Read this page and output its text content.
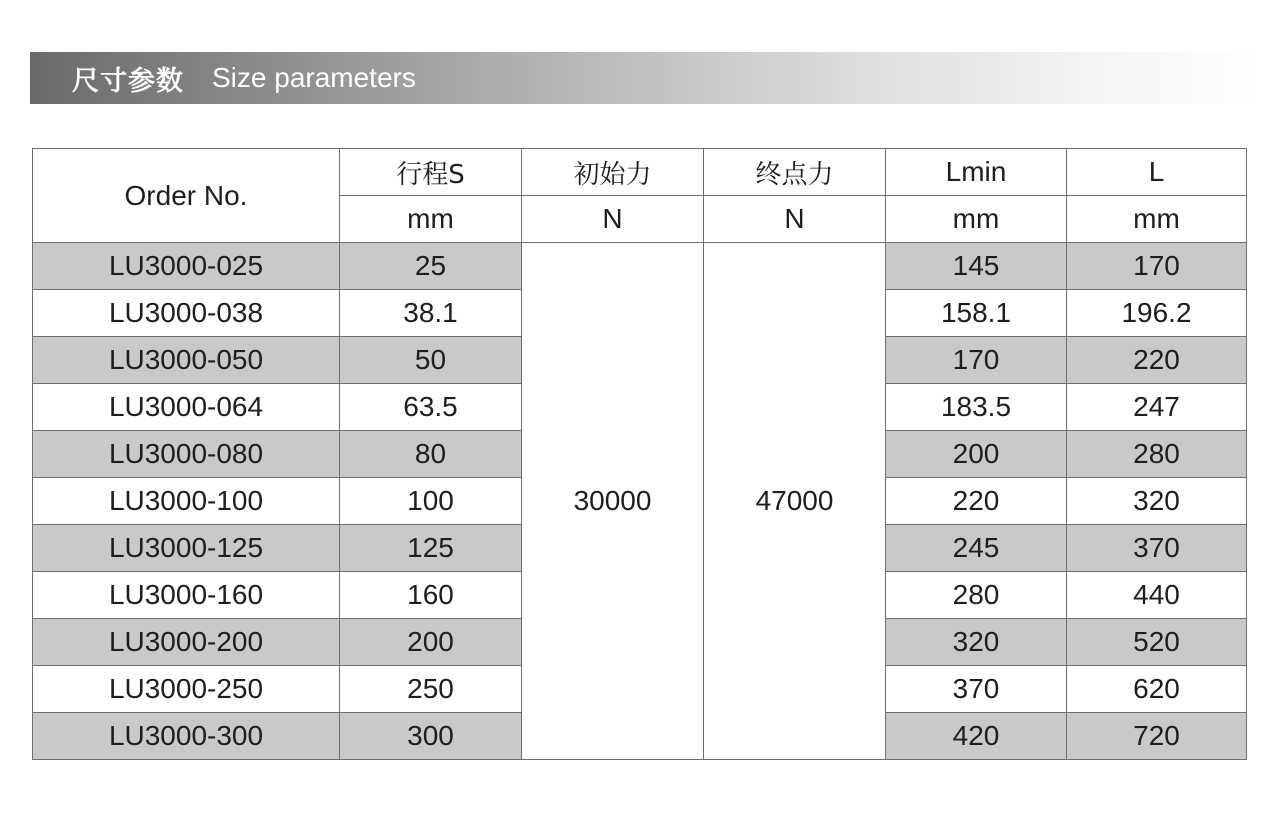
尺寸参数 Size parameters
Order No.	行程S	初始力	终点力	Lmin	L
	mm	N	N	mm	mm
LU3000-025	25	30000	47000	145	170
LU3000-038	38.1			158.1	196.2
LU3000-050	50			170	220
LU3000-064	63.5			183.5	247
LU3000-080	80			200	280
LU3000-100	100			220	320
LU3000-125	125			245	370
LU3000-160	160			280	440
LU3000-200	200			320	520
LU3000-250	250			370	620
LU3000-300	300			420	720
